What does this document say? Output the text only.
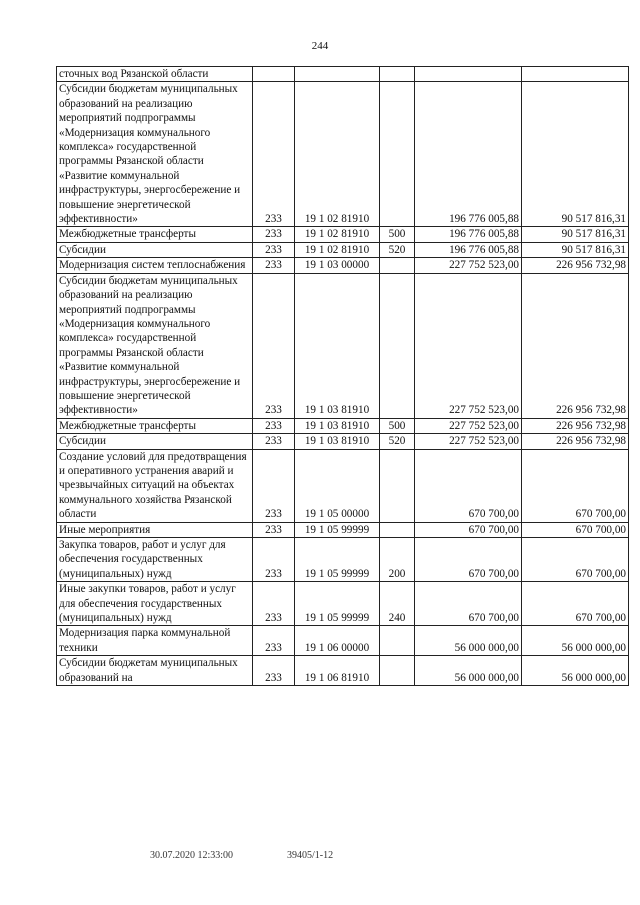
244
сточных вод Рязанской области					
Субсидии бюджетам муниципальных образований на реализацию мероприятий подпрограммы «Модернизация коммунального комплекса» государственной программы Рязанской области «Развитие коммунальной инфраструктуры, энергосбережение и повышение энергетической эффективности»	233	19 1 02 81910		196 776 005,88	90 517 816,31
Межбюджетные трансферты	233	19 1 02 81910	500	196 776 005,88	90 517 816,31
Субсидии	233	19 1 02 81910	520	196 776 005,88	90 517 816,31
Модернизация систем теплоснабжения	233	19 1 03 00000		227 752 523,00	226 956 732,98
Субсидии бюджетам муниципальных образований на реализацию мероприятий подпрограммы «Модернизация коммунального комплекса» государственной программы Рязанской области «Развитие коммунальной инфраструктуры, энергосбережение и повышение энергетической эффективности»	233	19 1 03 81910		227 752 523,00	226 956 732,98
Межбюджетные трансферты	233	19 1 03 81910	500	227 752 523,00	226 956 732,98
Субсидии	233	19 1 03 81910	520	227 752 523,00	226 956 732,98
Создание условий для предотвращения и оперативного устранения аварий и чрезвычайных ситуаций на объектах коммунального хозяйства Рязанской области	233	19 1 05 00000		670 700,00	670 700,00
Иные мероприятия	233	19 1 05 99999		670 700,00	670 700,00
Закупка товаров, работ и услуг для обеспечения государственных (муниципальных) нужд	233	19 1 05 99999	200	670 700,00	670 700,00
Иные закупки товаров, работ и услуг для обеспечения государственных (муниципальных) нужд	233	19 1 05 99999	240	670 700,00	670 700,00
Модернизация парка коммунальной техники	233	19 1 06 00000		56 000 000,00	56 000 000,00
Субсидии бюджетам муниципальных образований на	233	19 1 06 81910		56 000 000,00	56 000 000,00
30.07.2020 12:33:00	39405/1-12
